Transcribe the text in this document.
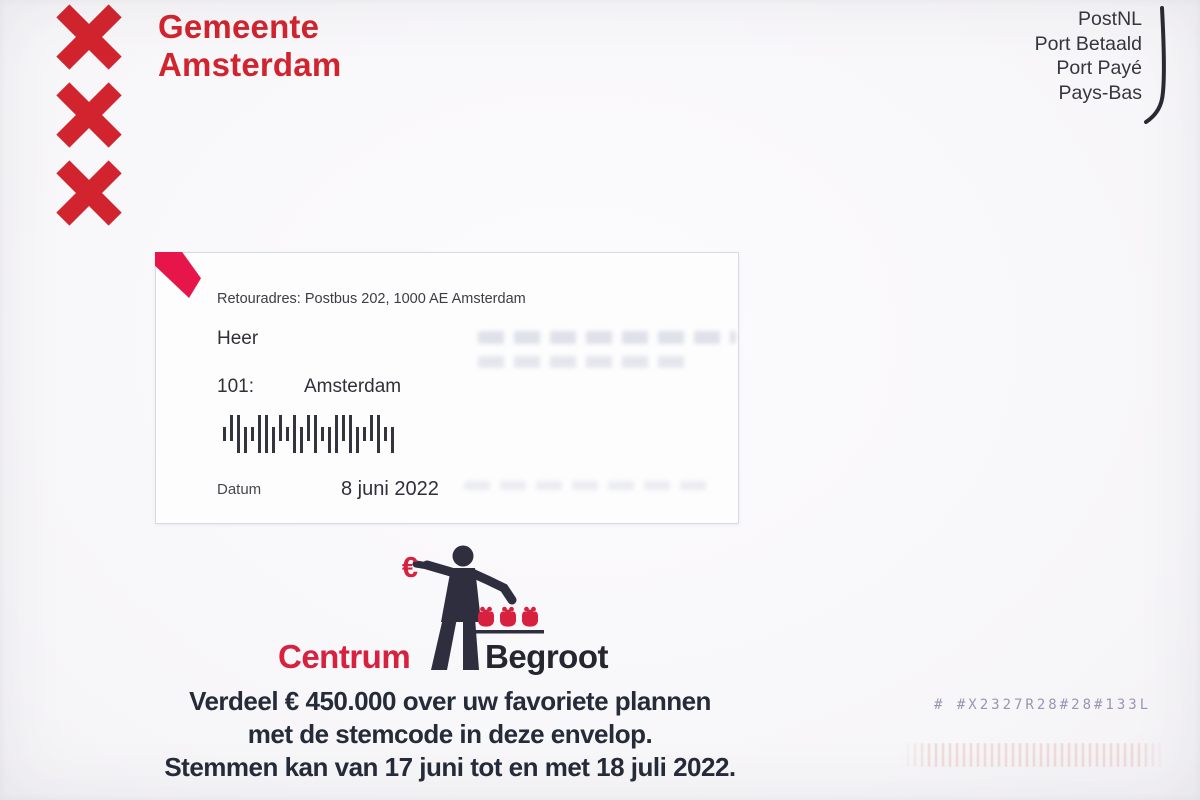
Gemeente
Amsterdam
PostNL
Port Betaald
Port Payé
Pays-Bas
Retouradres: Postbus 202, 1000 AE Amsterdam
Heer
101:	Amsterdam
Datum	8 juni 2022
€
Centrum Begroot
Verdeel € 450.000 over uw favoriete plannen
met de stemcode in deze envelop.
Stemmen kan van 17 juni tot en met 18 juli 2022.
# #X2327R28#28#133L
